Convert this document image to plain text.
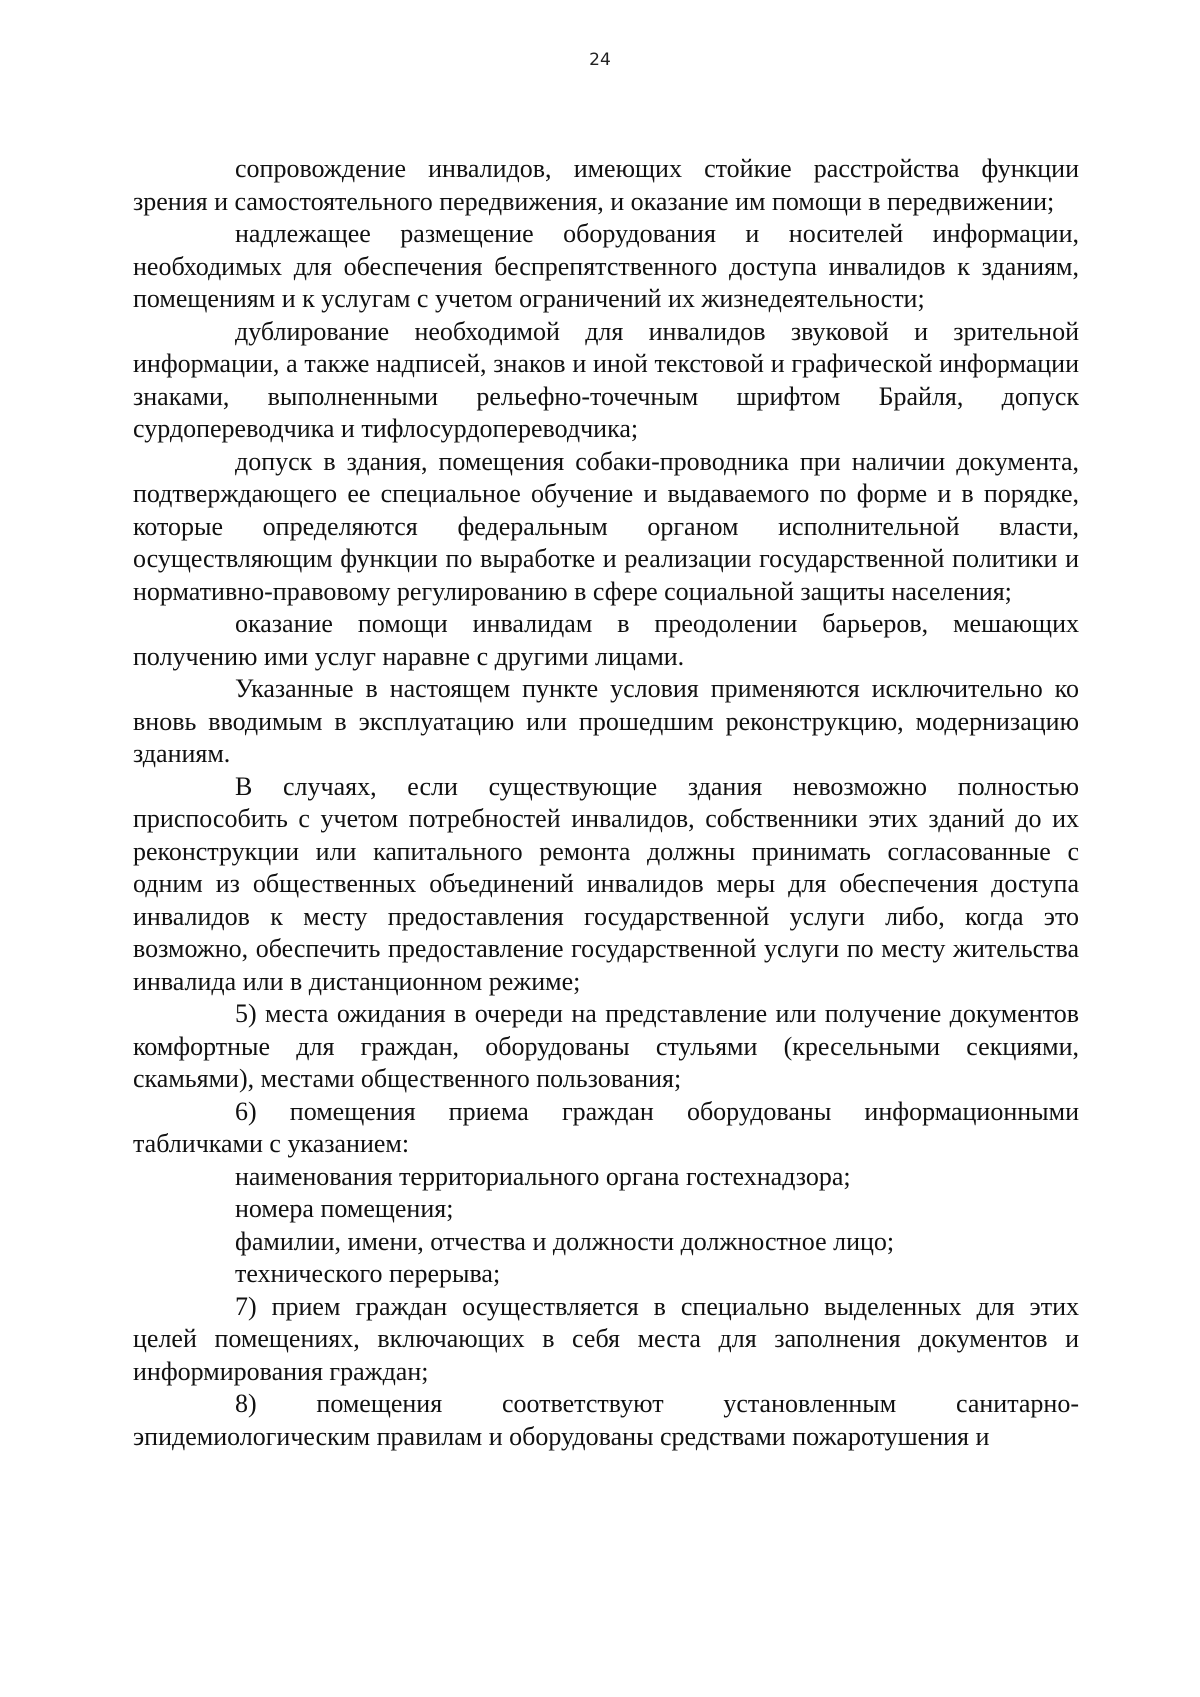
24

сопровождение инвалидов, имеющих стойкие расстройства функции зрения и самостоятельного передвижения, и оказание им помощи в передвижении;

надлежащее размещение оборудования и носителей информации, необходимых для обеспечения беспрепятственного доступа инвалидов к зданиям, помещениям и к услугам с учетом ограничений их жизнедеятельности;

дублирование необходимой для инвалидов звуковой и зрительной информации, а также надписей, знаков и иной текстовой и графической информации знаками, выполненными рельефно-точечным шрифтом Брайля, допуск сурдопереводчика и тифлосурдопереводчика;

допуск в здания, помещения собаки-проводника при наличии документа, подтверждающего ее специальное обучение и выдаваемого по форме и в порядке, которые определяются федеральным органом исполнительной власти, осуществляющим функции по выработке и реализации государственной политики и нормативно-правовому регулированию в сфере социальной защиты населения;

оказание помощи инвалидам в преодолении барьеров, мешающих получению ими услуг наравне с другими лицами.

Указанные в настоящем пункте условия применяются исключительно ко вновь вводимым в эксплуатацию или прошедшим реконструкцию, модернизацию зданиям.

В случаях, если существующие здания невозможно полностью приспособить с учетом потребностей инвалидов, собственники этих зданий до их реконструкции или капитального ремонта должны принимать согласованные с одним из общественных объединений инвалидов меры для обеспечения доступа инвалидов к месту предоставления государственной услуги либо, когда это возможно, обеспечить предоставление государственной услуги по месту жительства инвалида или в дистанционном режиме;

5) места ожидания в очереди на представление или получение документов комфортные для граждан, оборудованы стульями (кресельными секциями, скамьями), местами общественного пользования;

6) помещения приема граждан оборудованы информационными табличками с указанием:

наименования территориального органа гостехнадзора;

номера помещения;

фамилии, имени, отчества и должности должностное лицо;

технического перерыва;

7) прием граждан осуществляется в специально выделенных для этих целей помещениях, включающих в себя места для заполнения документов и информирования граждан;

8) помещения соответствуют установленным санитарно-эпидемиологическим правилам и оборудованы средствами пожаротушения и
